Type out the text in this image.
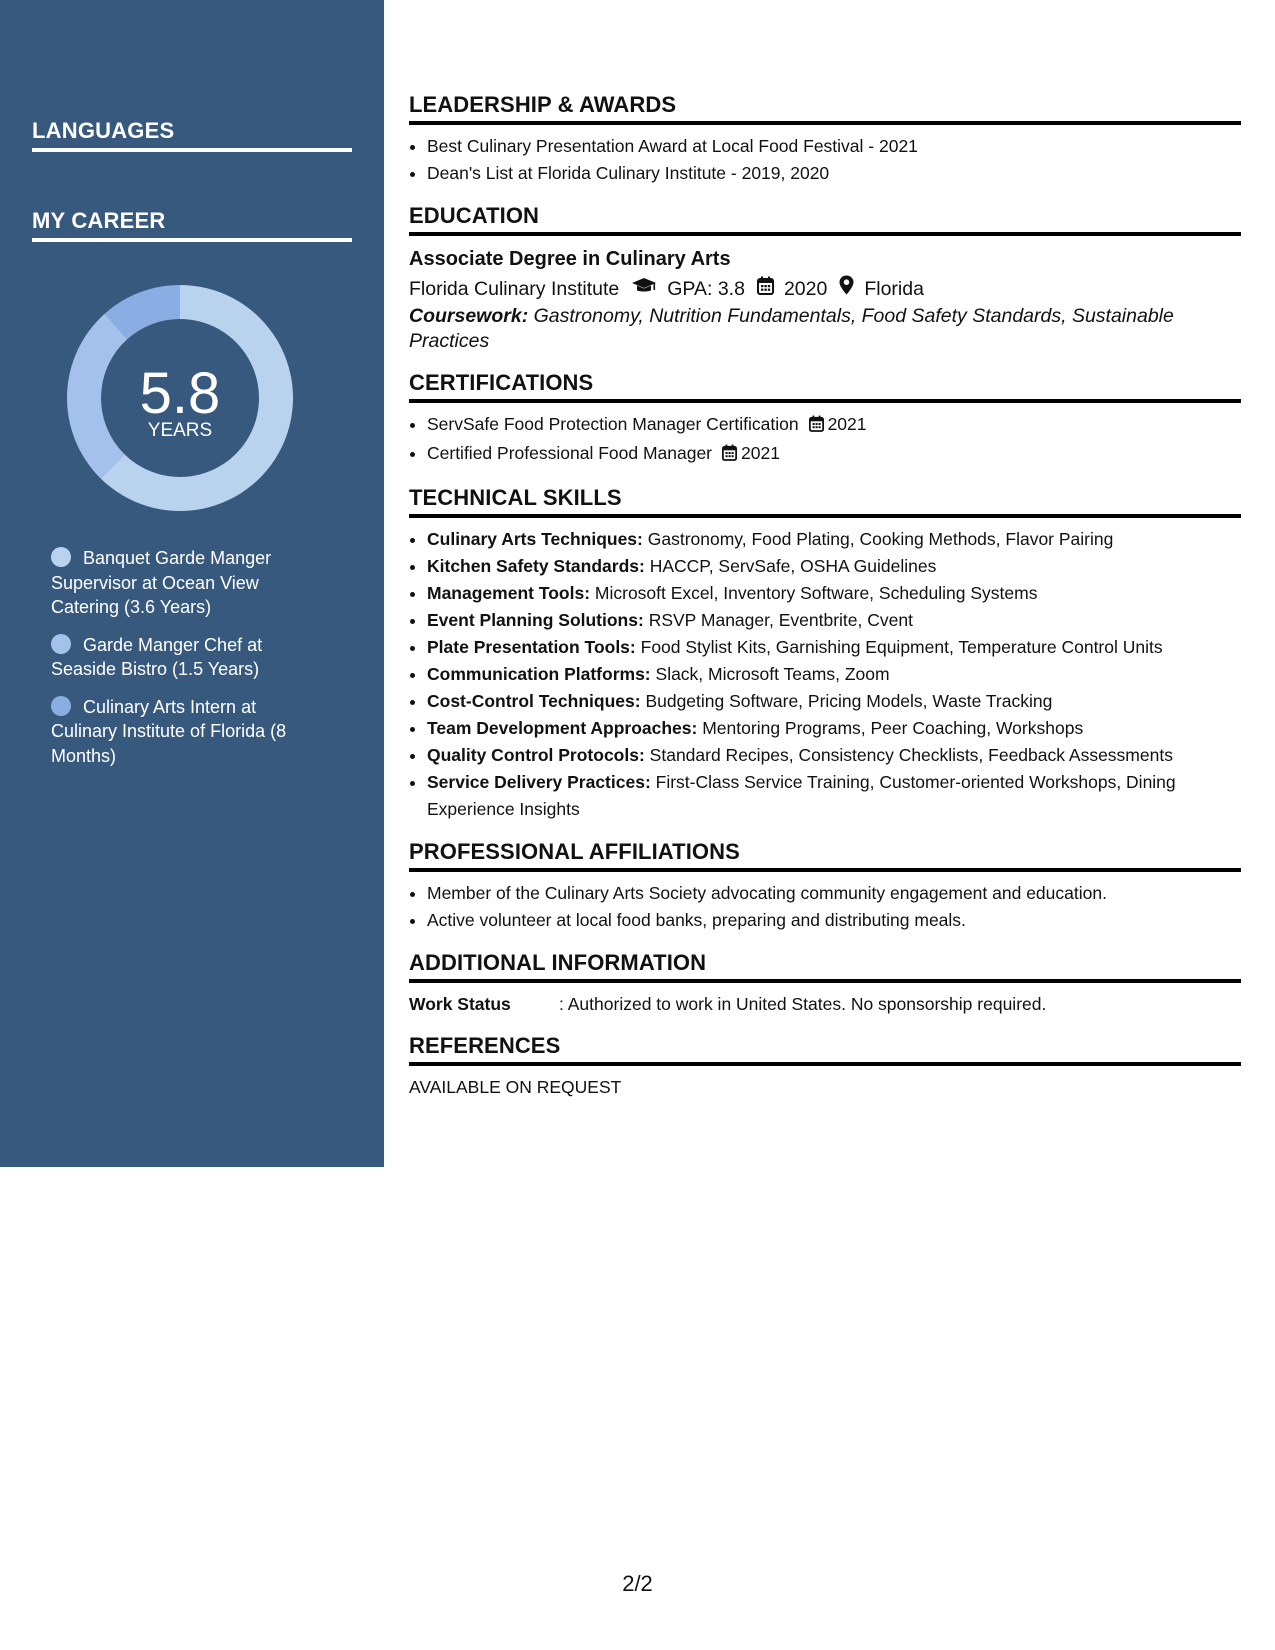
LANGUAGES
MY CAREER
5.8
YEARS
Banquet Garde Manger Supervisor at Ocean View Catering (3.6 Years)
Garde Manger Chef at Seaside Bistro (1.5 Years)
Culinary Arts Intern at Culinary Institute of Florida (8 Months)
LEADERSHIP & AWARDS
• Best Culinary Presentation Award at Local Food Festival - 2021
• Dean's List at Florida Culinary Institute - 2019, 2020
EDUCATION
Associate Degree in Culinary Arts
Florida Culinary Institute GPA: 3.8 2020 Florida
Coursework: Gastronomy, Nutrition Fundamentals, Food Safety Standards, Sustainable Practices
CERTIFICATIONS
• ServSafe Food Protection Manager Certification 2021
• Certified Professional Food Manager 2021
TECHNICAL SKILLS
• Culinary Arts Techniques: Gastronomy, Food Plating, Cooking Methods, Flavor Pairing
• Kitchen Safety Standards: HACCP, ServSafe, OSHA Guidelines
• Management Tools: Microsoft Excel, Inventory Software, Scheduling Systems
• Event Planning Solutions: RSVP Manager, Eventbrite, Cvent
• Plate Presentation Tools: Food Stylist Kits, Garnishing Equipment, Temperature Control Units
• Communication Platforms: Slack, Microsoft Teams, Zoom
• Cost-Control Techniques: Budgeting Software, Pricing Models, Waste Tracking
• Team Development Approaches: Mentoring Programs, Peer Coaching, Workshops
• Quality Control Protocols: Standard Recipes, Consistency Checklists, Feedback Assessments
• Service Delivery Practices: First-Class Service Training, Customer-oriented Workshops, Dining Experience Insights
PROFESSIONAL AFFILIATIONS
• Member of the Culinary Arts Society advocating community engagement and education.
• Active volunteer at local food banks, preparing and distributing meals.
ADDITIONAL INFORMATION
Work Status	: Authorized to work in United States. No sponsorship required.
REFERENCES
AVAILABLE ON REQUEST
2/2
